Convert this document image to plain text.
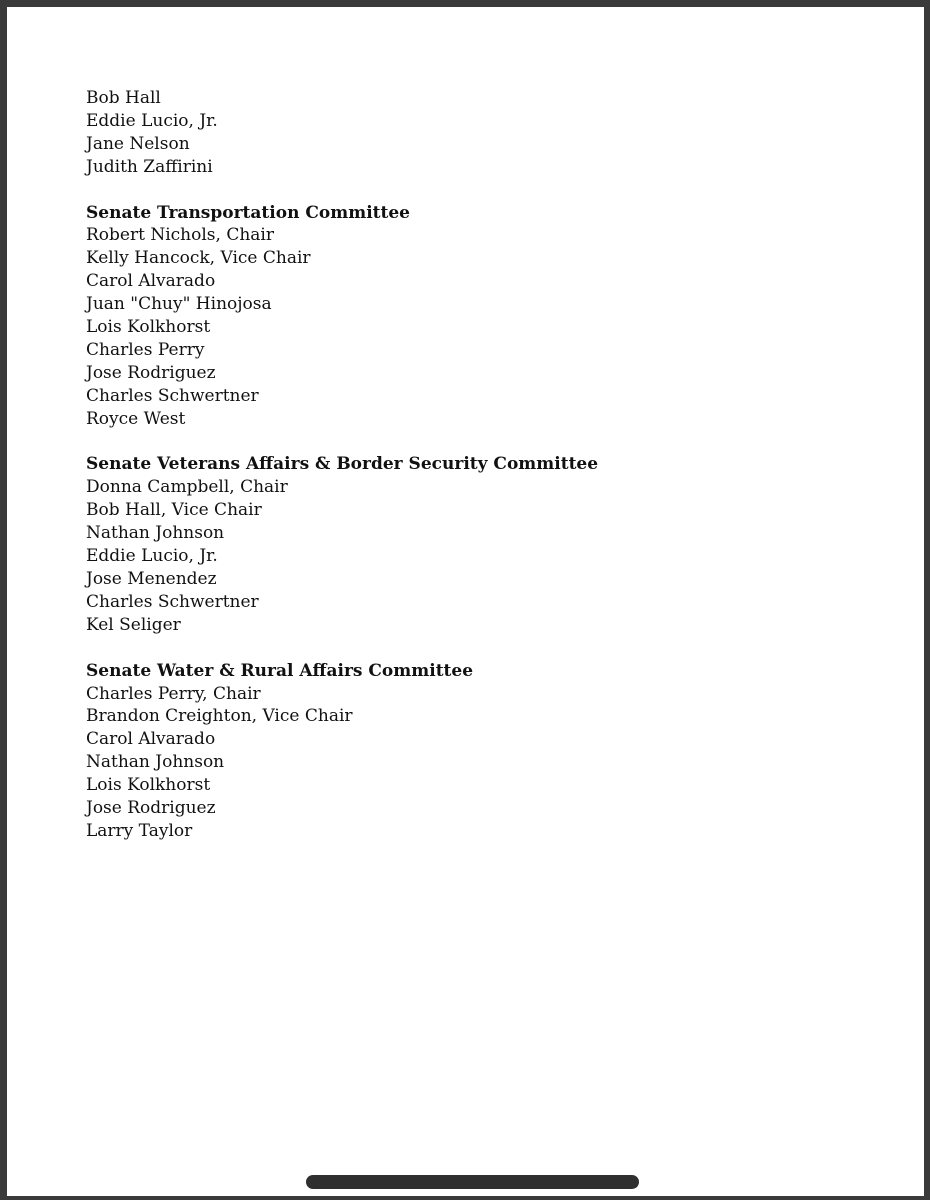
Bob Hall

Eddie Lucio, Jr.

Jane Nelson

Judith Zaffirini

Senate Transportation Committee

Robert Nichols, Chair

Kelly Hancock, Vice Chair

Carol Alvarado

Juan "Chuy" Hinojosa

Lois Kolkhorst

Charles Perry

Jose Rodriguez

Charles Schwertner

Royce West

Senate Veterans Affairs & Border Security Committee

Donna Campbell, Chair

Bob Hall, Vice Chair

Nathan Johnson

Eddie Lucio, Jr.

Jose Menendez

Charles Schwertner

Kel Seliger

Senate Water & Rural Affairs Committee

Charles Perry, Chair

Brandon Creighton, Vice Chair

Carol Alvarado

Nathan Johnson

Lois Kolkhorst

Jose Rodriguez

Larry Taylor
